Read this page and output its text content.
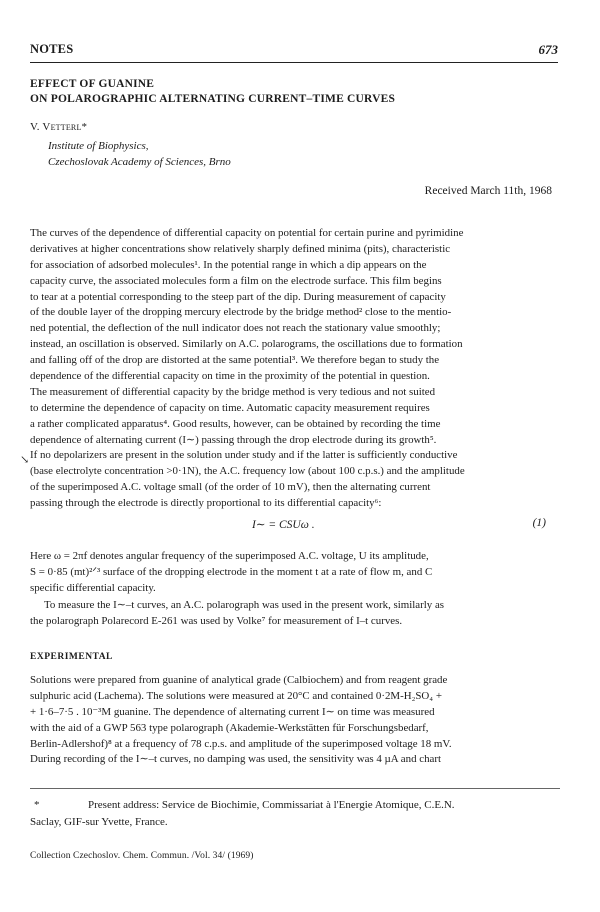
NOTES	673
EFFECT OF GUANINE
ON POLAROGRAPHIC ALTERNATING CURRENT–TIME CURVES
V. Vetterl*
Institute of Biophysics,
Czechoslovak Academy of Sciences, Brno
Received March 11th, 1968
The curves of the dependence of differential capacity on potential for certain purine and pyrimidine
derivatives at higher concentrations show relatively sharply defined minima (pits), characteristic
for association of adsorbed molecules¹. In the potential range in which a dip appears on the
capacity curve, the associated molecules form a film on the electrode surface. This film begins
to tear at a potential corresponding to the steep part of the dip. During measurement of capacity
of the double layer of the dropping mercury electrode by the bridge method² close to the mentio-
ned potential, the deflection of the null indicator does not reach the stationary value smoothly;
instead, an oscillation is observed. Similarly on A.C. polarograms, the oscillations due to formation
and falling off of the drop are distorted at the same potential³. We therefore began to study the
dependence of the differential capacity on time in the proximity of the potential in question.
The measurement of differential capacity by the bridge method is very tedious and not suited
to determine the dependence of capacity on time. Automatic capacity measurement requires
a rather complicated apparatus⁴. Good results, however, can be obtained by recording the time
dependence of alternating current (I∼) passing through the drop electrode during its growth⁵.
If no depolarizers are present in the solution under study and if the latter is sufficiently conductive
(base electrolyte concentration >0·1N), the A.C. frequency low (about 100 c.p.s.) and the amplitude
of the superimposed A.C. voltage small (of the order of 10 mV), then the alternating current
passing through the electrode is directly proportional to its differential capacity⁶:
↘
I∼ = CSUω .	(1)
Here ω = 2πf denotes angular frequency of the superimposed A.C. voltage, U its amplitude,
S = 0·85 (mt)²ᐟ³ surface of the dropping electrode in the moment t at a rate of flow m, and C
specific differential capacity.
To measure the I∼–t curves, an A.C. polarograph was used in the present work, similarly as
the polarograph Polarecord E-261 was used by Volke⁷ for measurement of I–t curves.
EXPERIMENTAL
Solutions were prepared from guanine of analytical grade (Calbiochem) and from reagent grade
sulphuric acid (Lachema). The solutions were measured at 20°C and contained 0·2M-H₂SO₄ +
+ 1·6–7·5 . 10⁻³M guanine. The dependence of alternating current I∼ on time was measured
with the aid of a GWP 563 type polarograph (Akademie-Werkstätten für Forschungsbedarf,
Berlin-Adlershof)⁸ at a frequency of 78 c.p.s. and amplitude of the superimposed voltage 18 mV.
During recording of the I∼–t curves, no damping was used, the sensitivity was 4 µA and chart
*	Present address: Service de Biochimie, Commissariat à l'Energie Atomique, C.E.N.
Saclay, GIF-sur Yvette, France.
Collection Czechoslov. Chem. Commun. /Vol. 34/ (1969)
